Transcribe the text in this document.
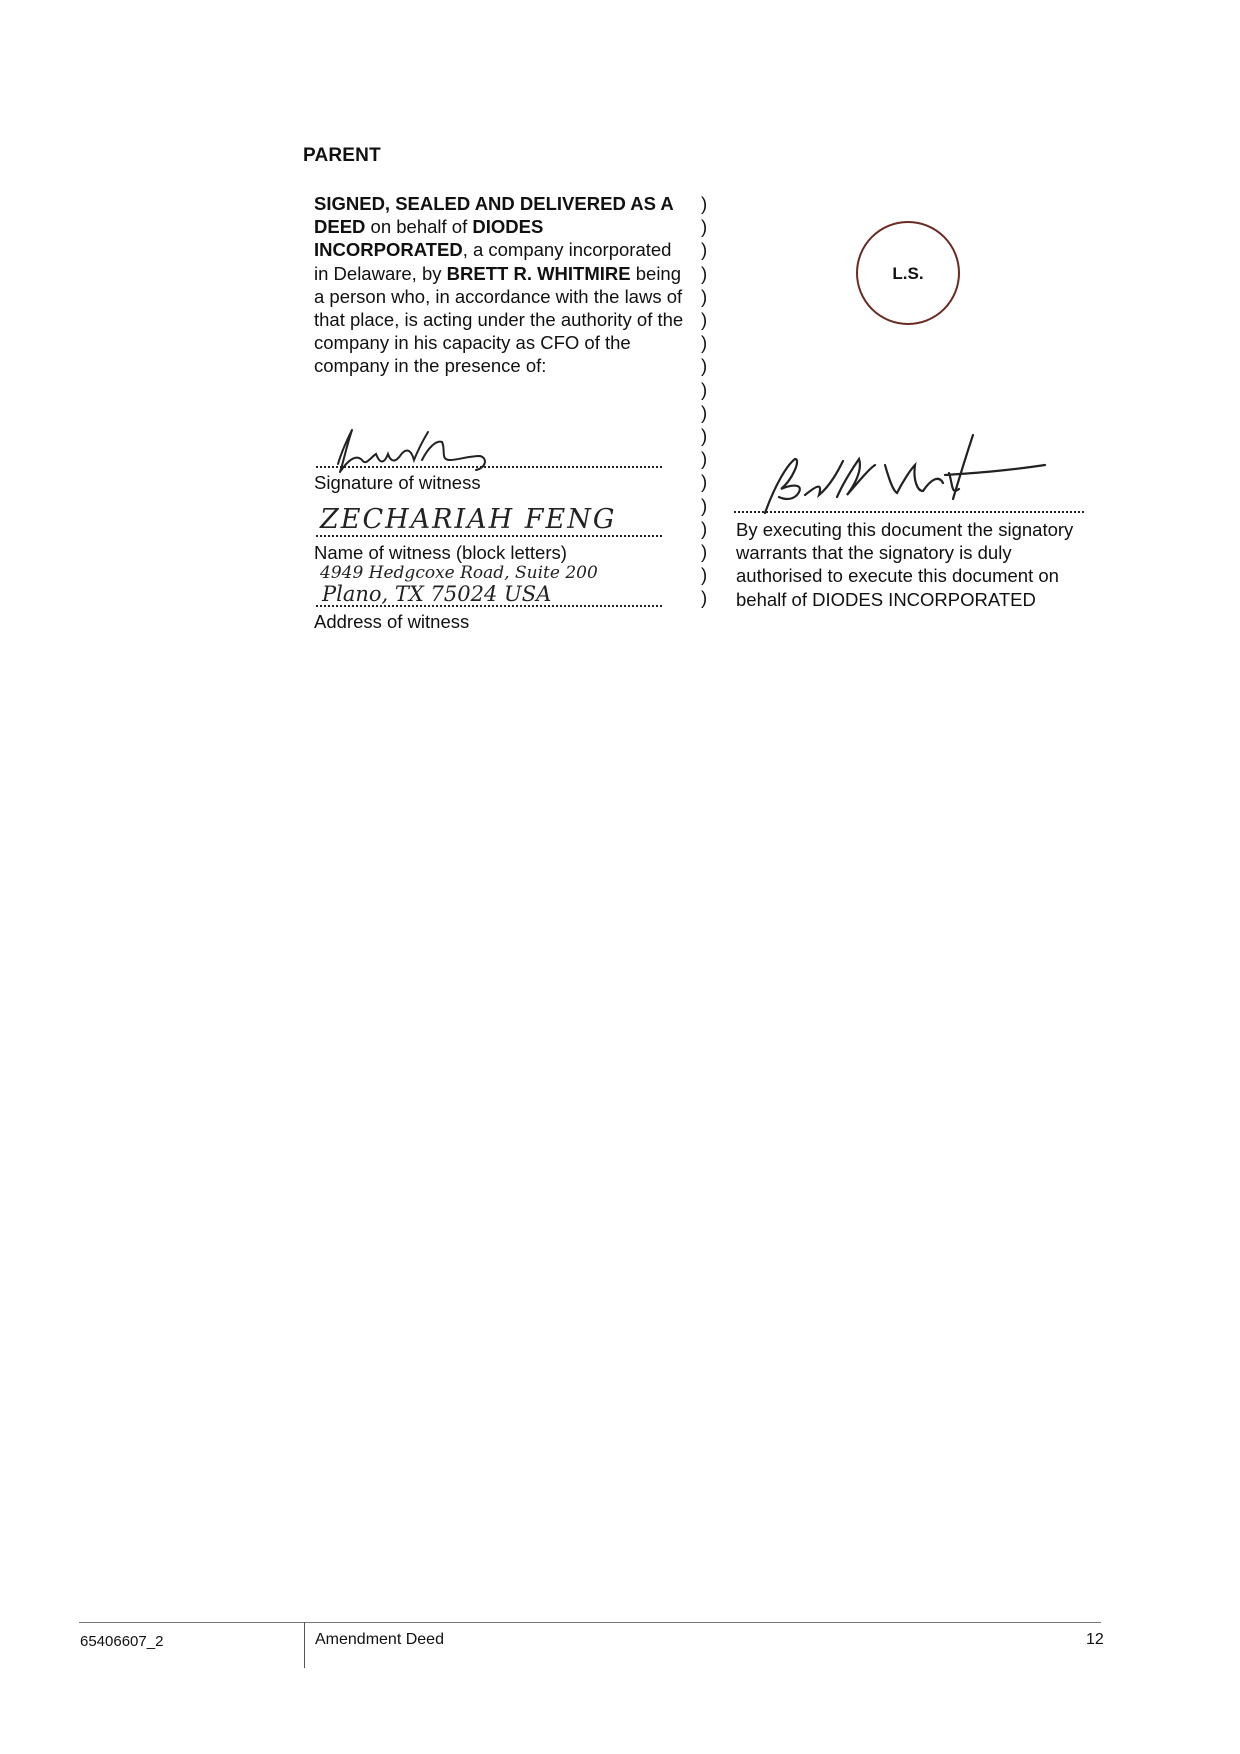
PARENT
SIGNED, SEALED AND DELIVERED AS A DEED on behalf of DIODES INCORPORATED, a company incorporated in Delaware, by BRETT R. WHITMIRE being a person who, in accordance with the laws of that place, is acting under the authority of the company in his capacity as CFO of the company in the presence of:
)
)
)
)
)
)
)
)
)
)
)
)
)
)
)
)
)
)
Signature of witness
ZECHARIAH FENG
Name of witness (block letters)
4949 Hedgcoxe Road, Suite 200
Plano, TX 75024 USA
Address of witness
L.S.
By executing this document the signatory warrants that the signatory is duly authorised to execute this document on behalf of DIODES INCORPORATED
65406607_2	Amendment Deed	12
